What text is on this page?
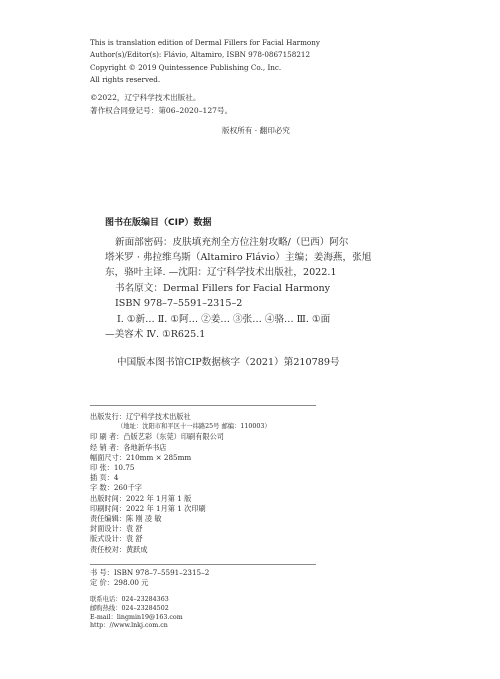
This is translation edition of Dermal Fillers for Facial Harmony
Author(s)/Editor(s): Flávio, Altamiro, ISBN 978-0867158212
Copyright © 2019 Quintessence Publishing Co., Inc.
All rights reserved.
©2022，辽宁科学技术出版社。
著作权合同登记号：第06–2020–127号。
版权所有 · 翻印必究
图书在版编目（CIP）数据
新面部密码：皮肤填充剂全方位注射攻略/（巴西）阿尔
塔米罗 · 弗拉维乌斯（Altamiro Flávio）主编；姜海燕，张旭
东，骆叶主译. —沈阳：辽宁科学技术出版社，2022.1
书名原文：Dermal Fillers for Facial Harmony
ISBN 978–7–5591–2315–2
Ⅰ. ①新… Ⅱ. ①阿… ②姜… ③张… ④骆… Ⅲ. ①面
—美容术 Ⅳ. ①R625.1
中国版本图书馆CIP数据核字（2021）第210789号
出版发行：辽宁科学技术出版社
（地址：沈阳市和平区十一纬路25号 邮编：110003）
印 刷 者：凸版艺彩（东莞）印刷有限公司
经 销 者：各地新华书店
幅面尺寸：210mm × 285mm
印 张：10.75
插 页：4
字 数：260千字
出版时间：2022 年 1月第 1 版
印刷时间：2022 年 1月第 1 次印刷
责任编辑：陈 刚 凌 敏
封面设计：袁 舒
版式设计：袁 舒
责任校对：黄跃成
书 号：ISBN 978–7–5591–2315–2
定 价：298.00 元
联系电话：024–23284363
邮购热线：024–23284502
E-mail：lingmin19@163.com
http：//www.lnkj.com.cn
